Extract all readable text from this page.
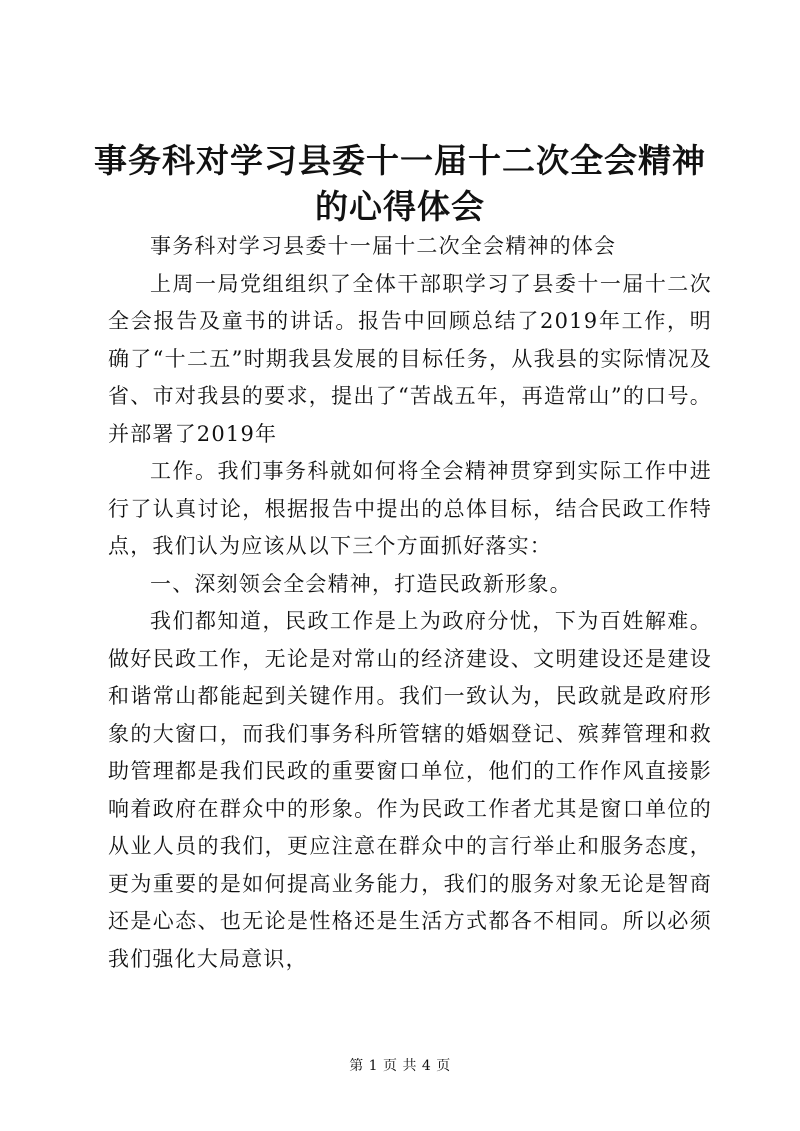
事务科对学习县委十一届十二次全会精神的心得体会

事务科对学习县委十一届十二次全会精神的体会

上周一局党组组织了全体干部职学习了县委十一届十二次全会报告及童书的讲话。报告中回顾总结了2019年工作，明确了“十二五”时期我县发展的目标任务，从我县的实际情况及省、市对我县的要求，提出了“苦战五年，再造常山”的口号。并部署了2019年

工作。我们事务科就如何将全会精神贯穿到实际工作中进行了认真讨论，根据报告中提出的总体目标，结合民政工作特点，我们认为应该从以下三个方面抓好落实：

一、深刻领会全会精神，打造民政新形象。

我们都知道，民政工作是上为政府分忧，下为百姓解难。做好民政工作，无论是对常山的经济建设、文明建设还是建设和谐常山都能起到关键作用。我们一致认为，民政就是政府形象的大窗口，而我们事务科所管辖的婚姻登记、殡葬管理和救助管理都是我们民政的重要窗口单位，他们的工作作风直接影响着政府在群众中的形象。作为民政工作者尤其是窗口单位的从业人员的我们，更应注意在群众中的言行举止和服务态度，更为重要的是如何提高业务能力，我们的服务对象无论是智商还是心态、也无论是性格还是生活方式都各不相同。所以必须我们强化大局意识，

第 1 页 共 4 页
